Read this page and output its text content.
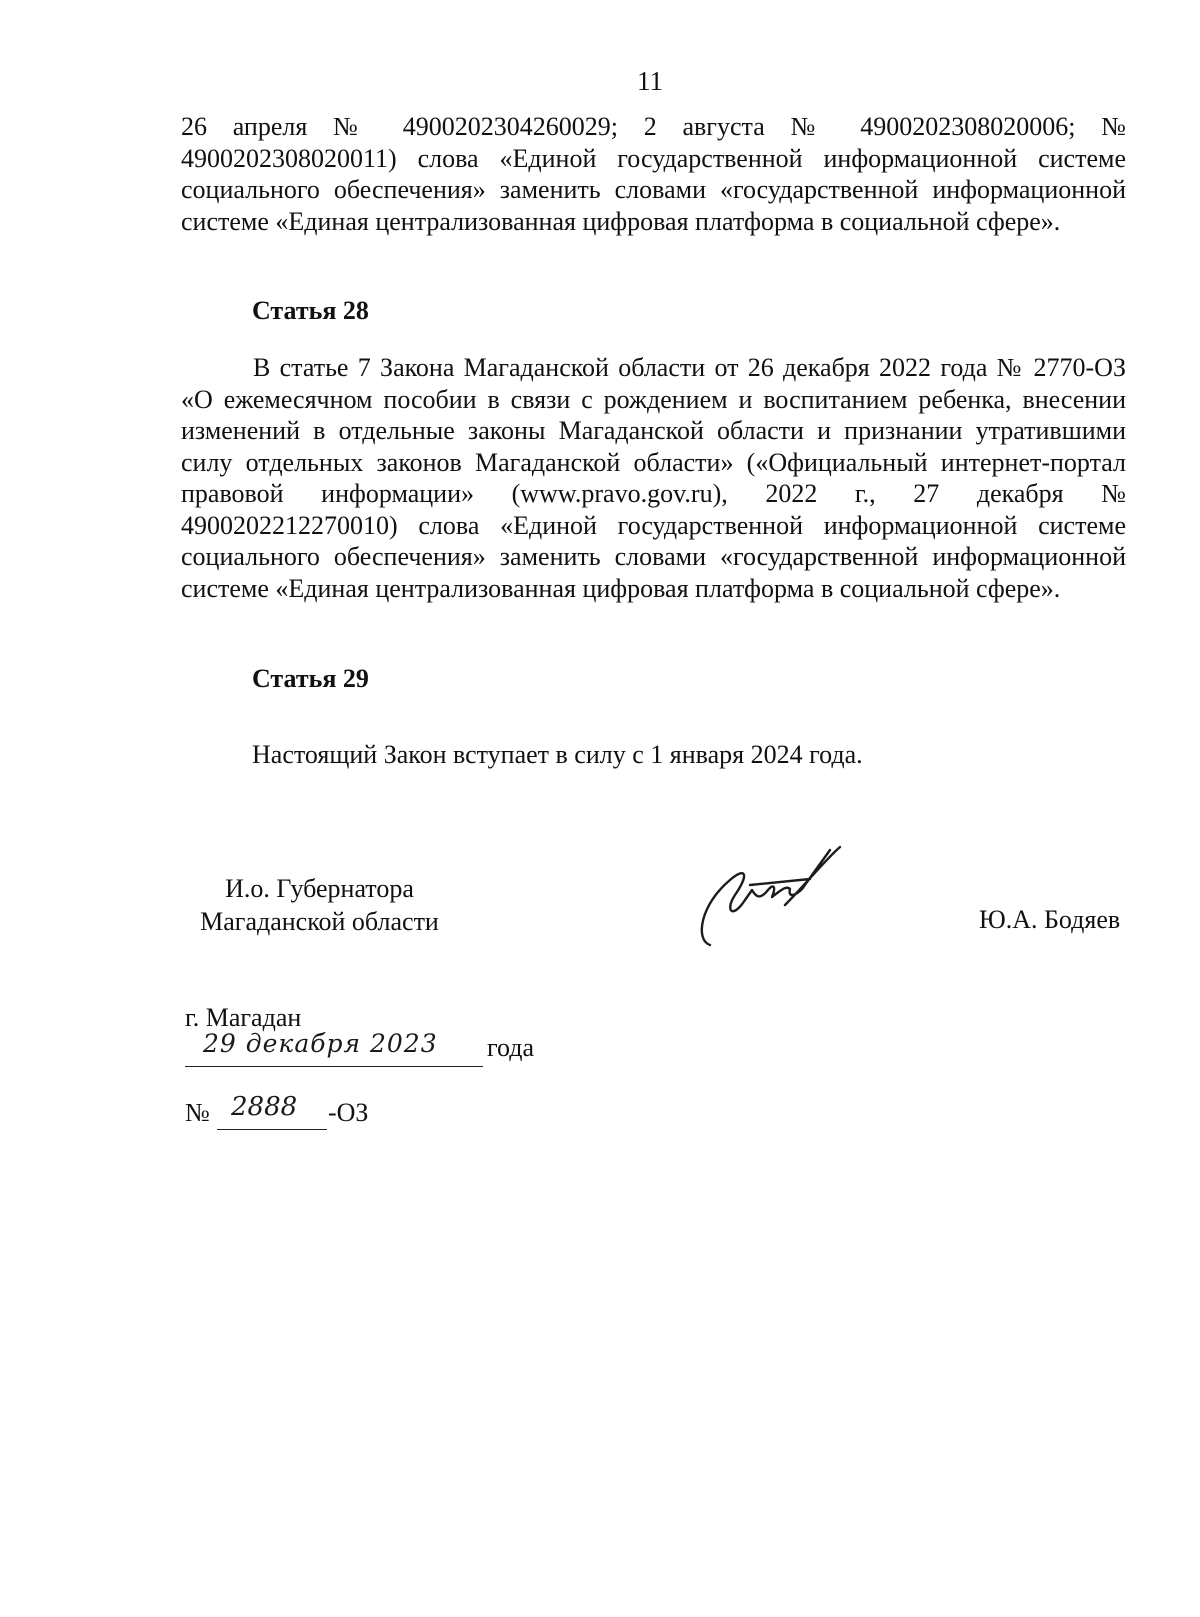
11

26 апреля № 4900202304260029; 2 августа № 4900202308020006; № 4900202308020011) слова «Единой государственной информационной системе социального обеспечения» заменить словами «государственной информационной системе «Единая централизованная цифровая платформа в социальной сфере».

Статья 28

В статье 7 Закона Магаданской области от 26 декабря 2022 года № 2770-ОЗ «О ежемесячном пособии в связи с рождением и воспитанием ребенка, внесении изменений в отдельные законы Магаданской области и признании утратившими силу отдельных законов Магаданской области» («Официальный интернет-портал правовой информации» (www.pravo.gov.ru), 2022 г., 27 декабря № 4900202212270010) слова «Единой государственной информационной системе социального обеспечения» заменить словами «государственной информационной системе «Единая централизованная цифровая платформа в социальной сфере».

Статья 29
Настоящий Закон вступает в силу с 1 января 2024 года.
И.о. Губернатора
Магаданской области	Ю.А. Бодяев
г. Магадан
29 декабря 2023 года
№ 2888 -ОЗ
